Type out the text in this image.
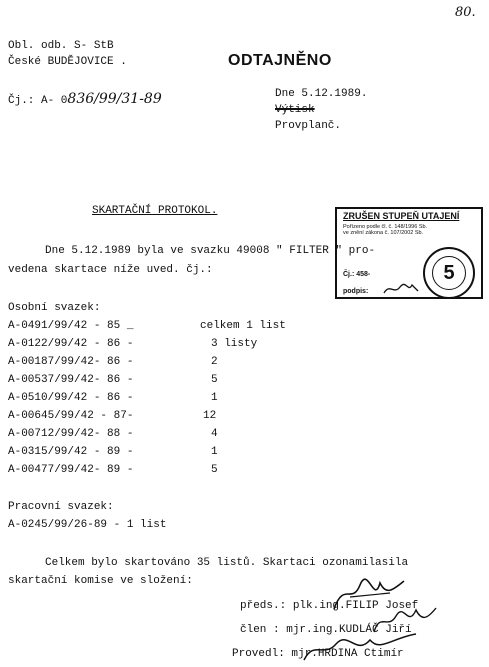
80.
Obl. odb. S- StB
České BUDĚJOVICE .	ODTAJNĚNO
Čj.: A- 0836/99/31-89	Dne 5.12.1989.
Výtisk
Provplanč.
SKARTAČNÍ PROTOKOL.	ZRUŠEN STUPEŇ UTAJENÍ
Pořízeno podle čl. č. 148/1996 Sb.
ve znění zákona č. 107/2002 Sb.
Čj.: 458-
podpis:
5
Dne 5.12.1989 byla ve svazku 49008 " FILTER " pro-
vedena skartace níže uved. čj.:
Osobní svazek:
A-0491/99/42 - 85 _	celkem 1 list
A-0122/99/42 - 86 -	3 listy
A-00187/99/42- 86 -	2
A-00537/99/42- 86 -	5
A-0510/99/42 - 86 -	1
A-00645/99/42 - 87-	12
A-00712/99/42- 88 -	4
A-0315/99/42 - 89 -	1
A-00477/99/42- 89 -	5
Pracovní svazek:
A-0245/99/26-89 - 1 list
Celkem bylo skartováno 35 listů. Skartaci ozonamilasila
skartační komise ve složení:
předs.: plk.ing.FILIP Josef
člen : mjr.ing.KUDLÁČ Jiří
Provedl: mjr.HRDINA Ctimír
